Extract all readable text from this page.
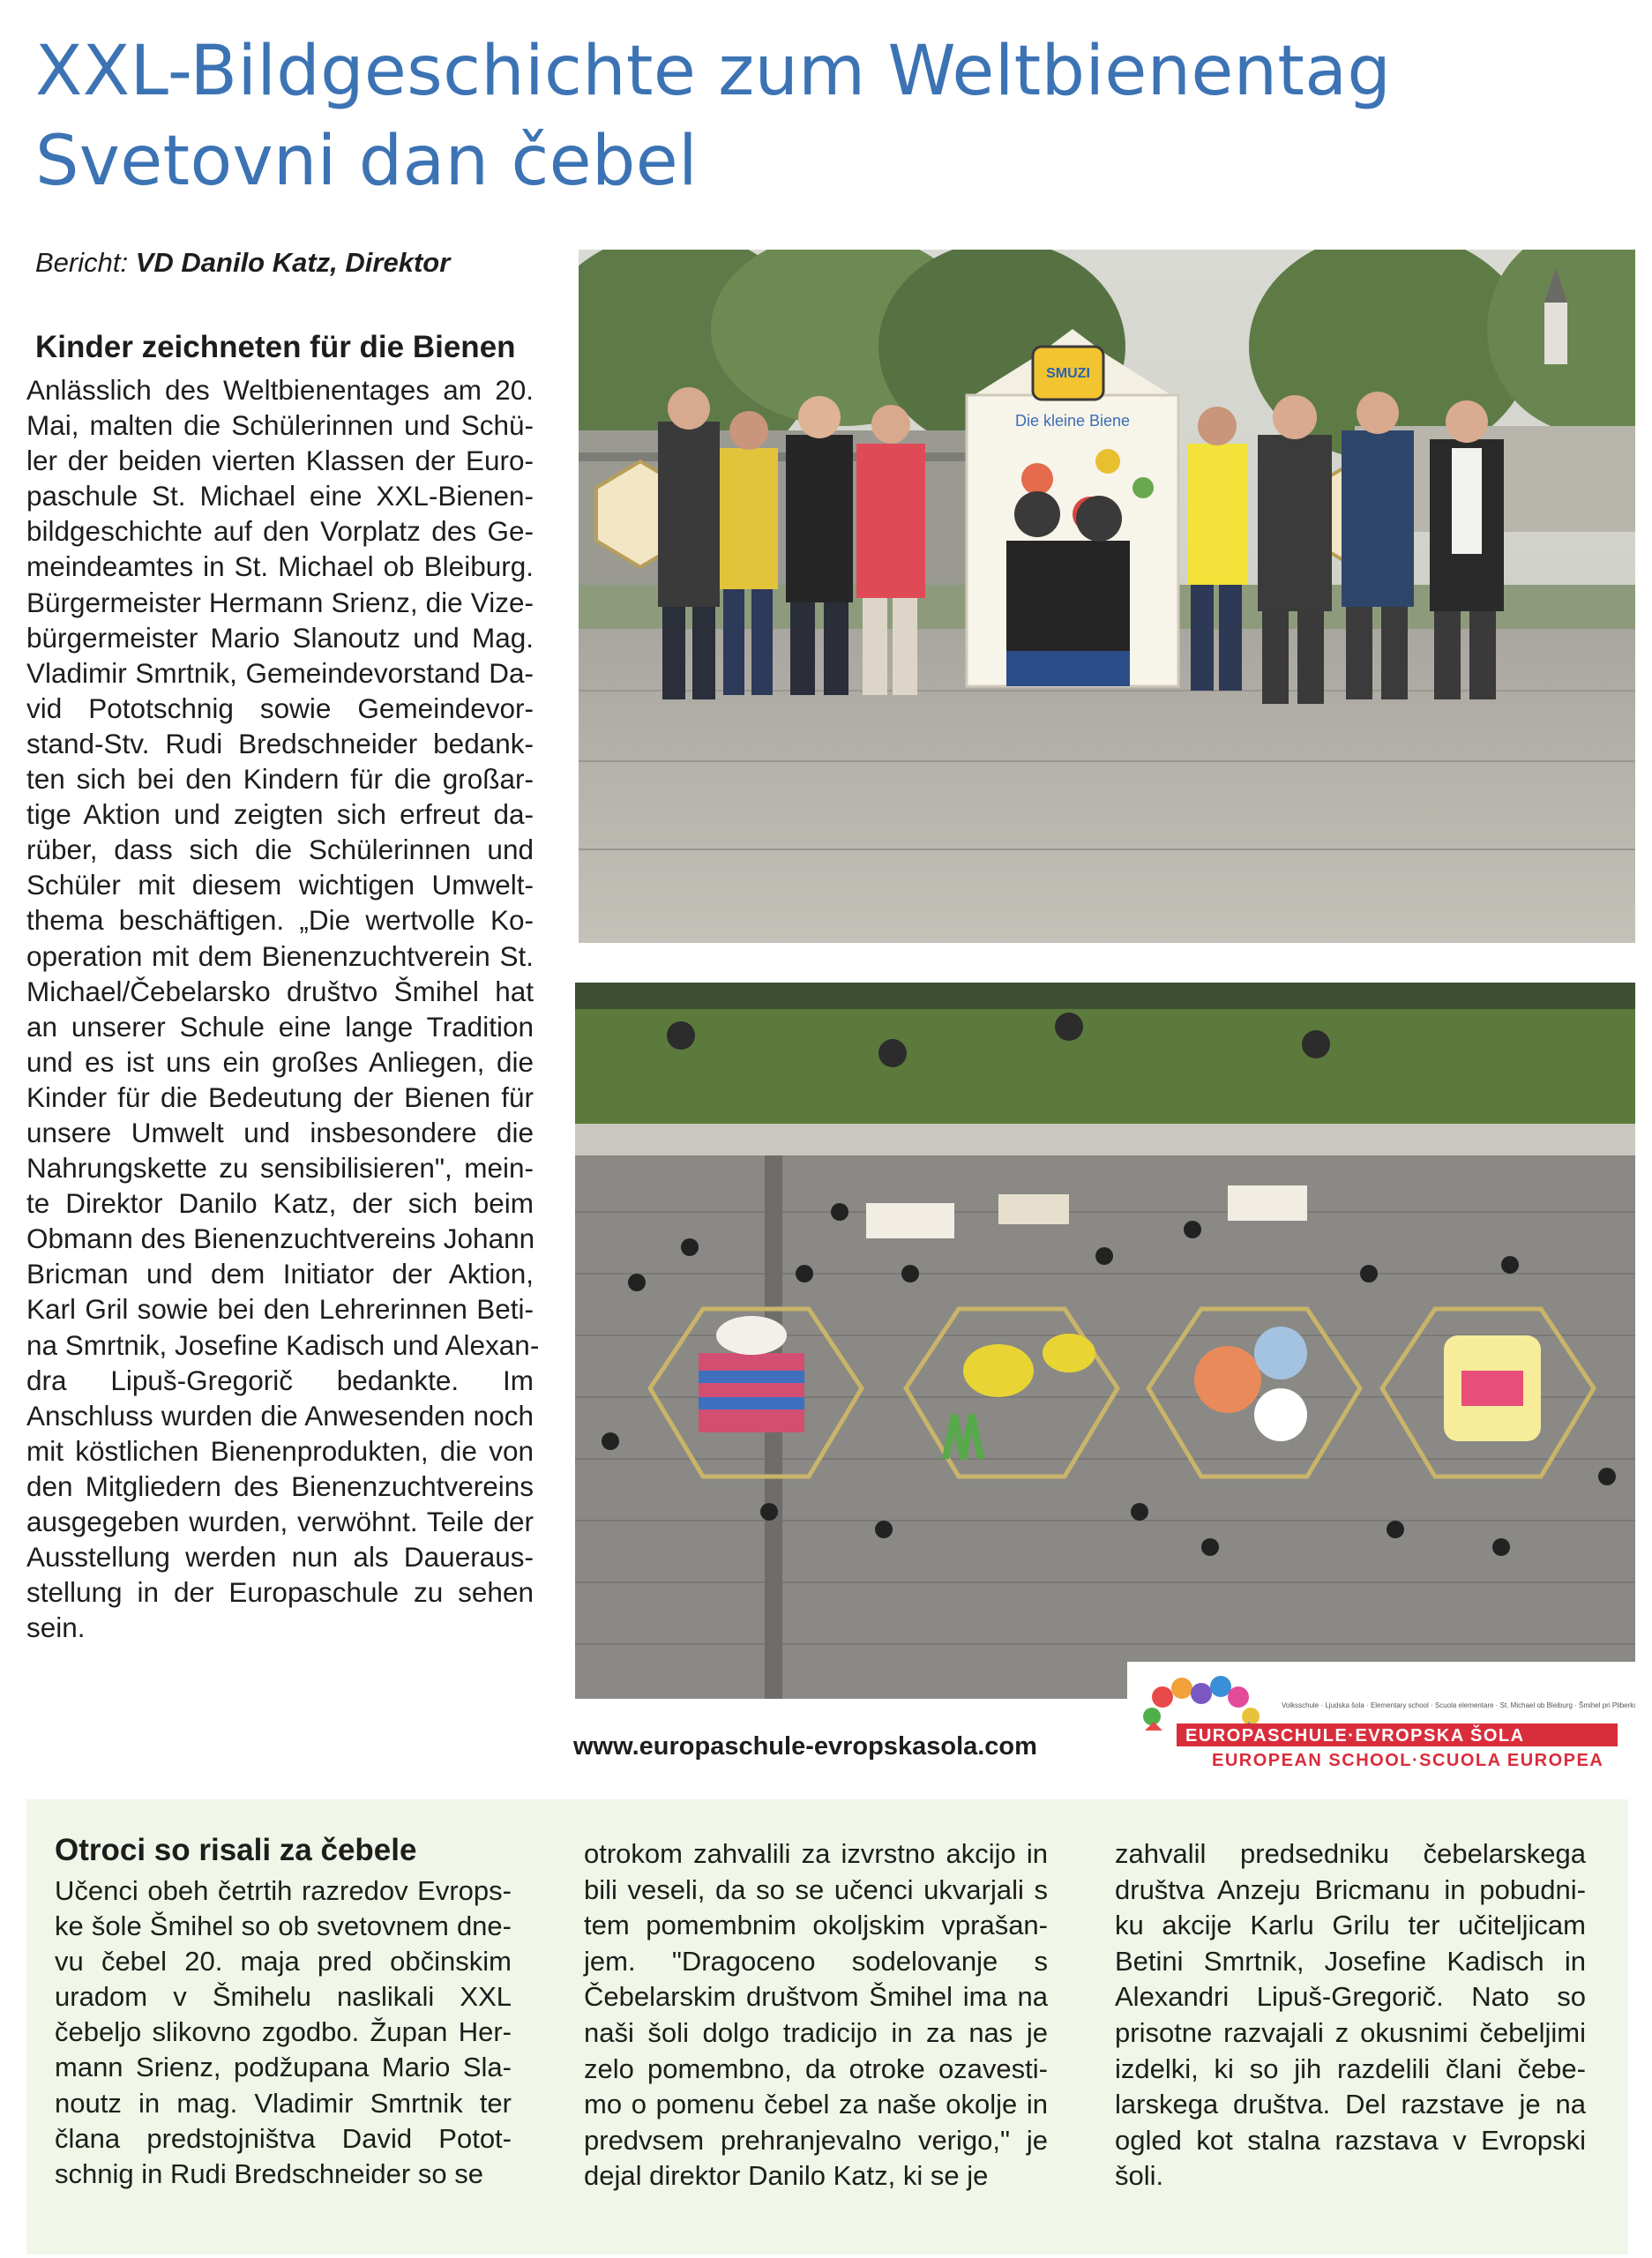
XXL-Bildgeschichte zum Weltbienentag
Svetovni dan čebel
Bericht: VD Danilo Katz, Direktor
Kinder zeichneten für die Bienen
Anlässlich des Weltbienentages am 20.
Mai, malten die Schülerinnen und Schü-
ler der beiden vierten Klassen der Euro-
paschule St. Michael eine XXL-Bienen-
bildgeschichte auf den Vorplatz des Ge-
meindeamtes in St. Michael ob Bleiburg.
Bürgermeister Hermann Srienz, die Vize-
bürgermeister Mario Slanoutz und Mag.
Vladimir Smrtnik, Gemeindevorstand Da-
vid Pototschnig sowie Gemeindevor-
stand-Stv. Rudi Bredschneider bedank-
ten sich bei den Kindern für die großar-
tige Aktion und zeigten sich erfreut da-
rüber, dass sich die Schülerinnen und
Schüler mit diesem wichtigen Umwelt-
thema beschäftigen. „Die wertvolle Ko-
operation mit dem Bienenzuchtverein St.
Michael/Čebelarsko društvo Šmihel hat
an unserer Schule eine lange Tradition
und es ist uns ein großes Anliegen, die
Kinder für die Bedeutung der Bienen für
unsere Umwelt und insbesondere die
Nahrungskette zu sensibilisieren", mein-
te Direktor Danilo Katz, der sich beim
Obmann des Bienenzuchtvereins Johann
Bricman und dem Initiator der Aktion,
Karl Gril sowie bei den Lehrerinnen Beti-
na Smrtnik, Josefine Kadisch und Alexan-
dra Lipuš-Gregorič bedankte. Im
Anschluss wurden die Anwesenden noch
mit köstlichen Bienenprodukten, die von
den Mitgliedern des Bienenzuchtvereins
ausgegeben wurden, verwöhnt. Teile der
Ausstellung werden nun als Daueraus-
stellung in der Europaschule zu sehen
sein.
SMUZI
Die kleine Biene
www.europaschule-evropskasola.com
Volksschule · Ljudska šola · Elementary school · Scuola elementare · St. Michael ob Bleiburg · Šmihel pri Pliberku
EUROPASCHULE·EVROPSKA ŠOLA
EUROPEAN SCHOOL·SCUOLA EUROPEA
Otroci so risali za čebele
Učenci obeh četrtih razredov Evrops-
ke šole Šmihel so ob svetovnem dne-
vu čebel 20. maja pred občinskim
uradom v Šmihelu naslikali XXL
čebeljo slikovno zgodbo. Župan Her-
mann Srienz, podžupana Mario Sla-
noutz in mag. Vladimir Smrtnik ter
člana predstojništva David Potot-
schnig in Rudi Bredschneider so se
otrokom zahvalili za izvrstno akcijo in
bili veseli, da so se učenci ukvarjali s
tem pomembnim okoljskim vprašan-
jem. "Dragoceno sodelovanje s
Čebelarskim društvom Šmihel ima na
naši šoli dolgo tradicijo in za nas je
zelo pomembno, da otroke ozavesti-
mo o pomenu čebel za naše okolje in
predvsem prehranjevalno verigo," je
dejal direktor Danilo Katz, ki se je
zahvalil predsedniku čebelarskega
društva Anzeju Bricmanu in pobudni-
ku akcije Karlu Grilu ter učiteljicam
Betini Smrtnik, Josefine Kadisch in
Alexandri Lipuš-Gregorič. Nato so
prisotne razvajali z okusnimi čebeljimi
izdelki, ki so jih razdelili člani čebe-
larskega društva. Del razstave je na
ogled kot stalna razstava v Evropski
šoli.
